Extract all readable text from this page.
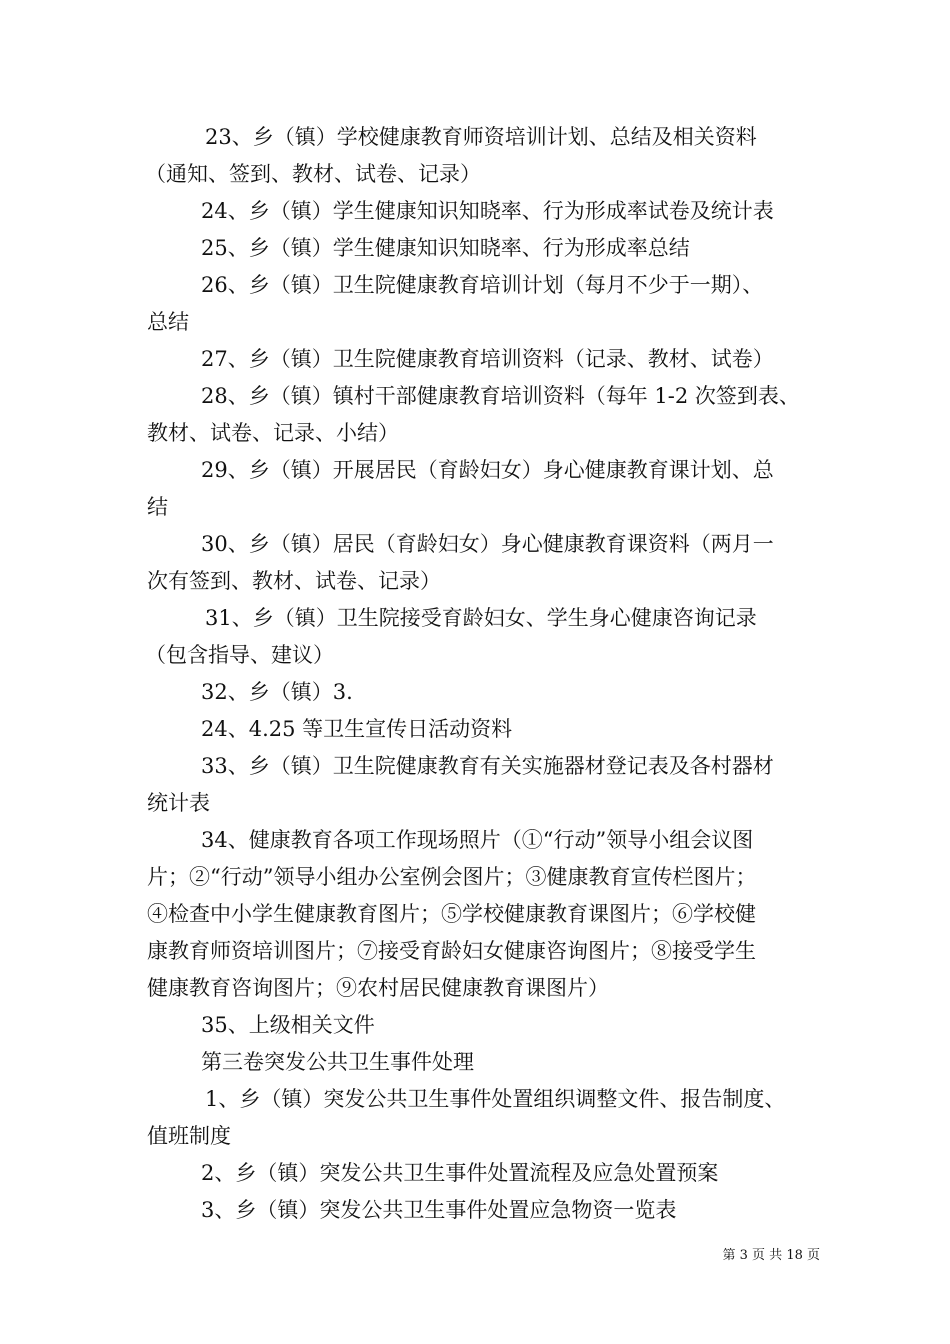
23、乡（镇）学校健康教育师资培训计划、总结及相关资料
（通知、签到、教材、试卷、记录）
24、乡（镇）学生健康知识知晓率、行为形成率试卷及统计表
25、乡（镇）学生健康知识知晓率、行为形成率总结
26、乡（镇）卫生院健康教育培训计划（每月不少于一期）、
总结
27、乡（镇）卫生院健康教育培训资料（记录、教材、试卷）
28、乡（镇）镇村干部健康教育培训资料（每年 1-2 次签到表、
教材、试卷、记录、小结）
29、乡（镇）开展居民（育龄妇女）身心健康教育课计划、总
结
30、乡（镇）居民（育龄妇女）身心健康教育课资料（两月一
次有签到、教材、试卷、记录）
31、乡（镇）卫生院接受育龄妇女、学生身心健康咨询记录
（包含指导、建议）
32、乡（镇）3.
24、4.25 等卫生宣传日活动资料
33、乡（镇）卫生院健康教育有关实施器材登记表及各村器材
统计表
34、健康教育各项工作现场照片（①“行动”领导小组会议图
片；②“行动”领导小组办公室例会图片；③健康教育宣传栏图片；
④检查中小学生健康教育图片；⑤学校健康教育课图片；⑥学校健
康教育师资培训图片；⑦接受育龄妇女健康咨询图片；⑧接受学生
健康教育咨询图片；⑨农村居民健康教育课图片）
35、上级相关文件
第三卷突发公共卫生事件处理
1、乡（镇）突发公共卫生事件处置组织调整文件、报告制度、
值班制度
2、乡（镇）突发公共卫生事件处置流程及应急处置预案
3、乡（镇）突发公共卫生事件处置应急物资一览表
第 3 页 共 18 页
